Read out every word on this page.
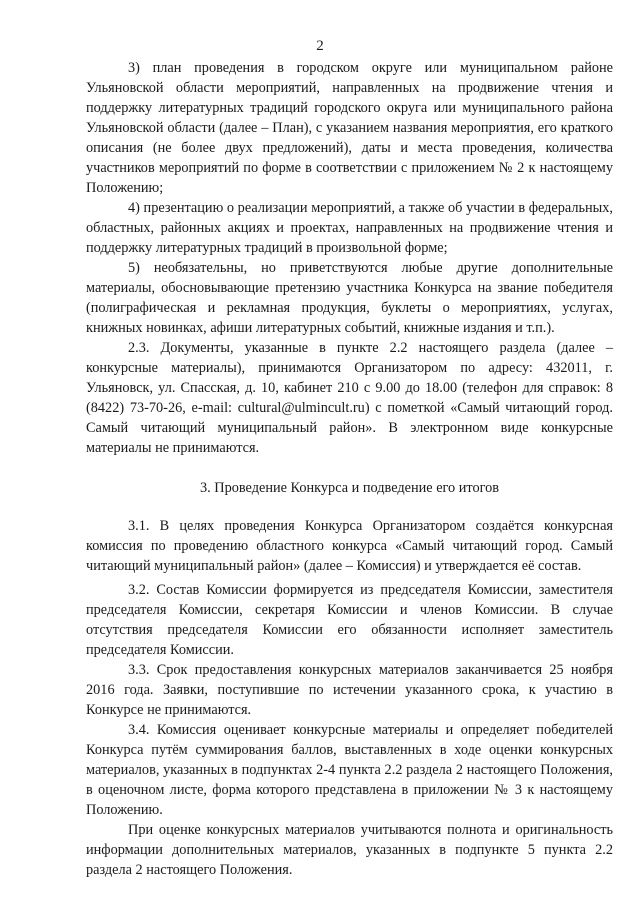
2

3) план проведения в городском округе или муниципальном районе Ульяновской области мероприятий, направленных на продвижение чтения и поддержку литературных традиций городского округа или муниципального района Ульяновской области (далее – План), с указанием названия мероприятия, его краткого описания (не более двух предложений), даты и места проведения, количества участников мероприятий по форме в соответствии с приложением № 2 к настоящему Положению;

4) презентацию о реализации мероприятий, а также об участии в федеральных, областных, районных акциях и проектах, направленных на продвижение чтения и поддержку литературных традиций в произвольной форме;

5) необязательны, но приветствуются любые другие дополнительные материалы, обосновывающие претензию участника Конкурса на звание победителя (полиграфическая и рекламная продукция, буклеты о мероприятиях, услугах, книжных новинках, афиши литературных событий, книжные издания и т.п.).

2.3. Документы, указанные в пункте 2.2 настоящего раздела (далее – конкурсные материалы), принимаются Организатором по адресу: 432011, г. Ульяновск, ул. Спасская, д. 10, кабинет 210 с 9.00 до 18.00 (телефон для справок: 8 (8422) 73-70-26, e-mail: cultural@ulmincult.ru) с пометкой «Самый читающий город. Самый читающий муниципальный район». В электронном виде конкурсные материалы не принимаются.

3. Проведение Конкурса и подведение его итогов

3.1. В целях проведения Конкурса Организатором создаётся конкурсная комиссия по проведению областного конкурса «Самый читающий город. Самый читающий муниципальный район» (далее – Комиссия) и утверждается её состав.

3.2. Состав Комиссии формируется из председателя Комиссии, заместителя председателя Комиссии, секретаря Комиссии и членов Комиссии. В случае отсутствия председателя Комиссии его обязанности исполняет заместитель председателя Комиссии.

3.3. Срок предоставления конкурсных материалов заканчивается 25 ноября 2016 года. Заявки, поступившие по истечении указанного срока, к участию в Конкурсе не принимаются.

3.4. Комиссия оценивает конкурсные материалы и определяет победителей Конкурса путём суммирования баллов, выставленных в ходе оценки конкурсных материалов, указанных в подпунктах 2-4 пункта 2.2 раздела 2 настоящего Положения, в оценочном листе, форма которого представлена в приложении № 3 к настоящему Положению.

При оценке конкурсных материалов учитываются полнота и оригинальность информации дополнительных материалов, указанных в подпункте 5 пункта 2.2 раздела 2 настоящего Положения.
